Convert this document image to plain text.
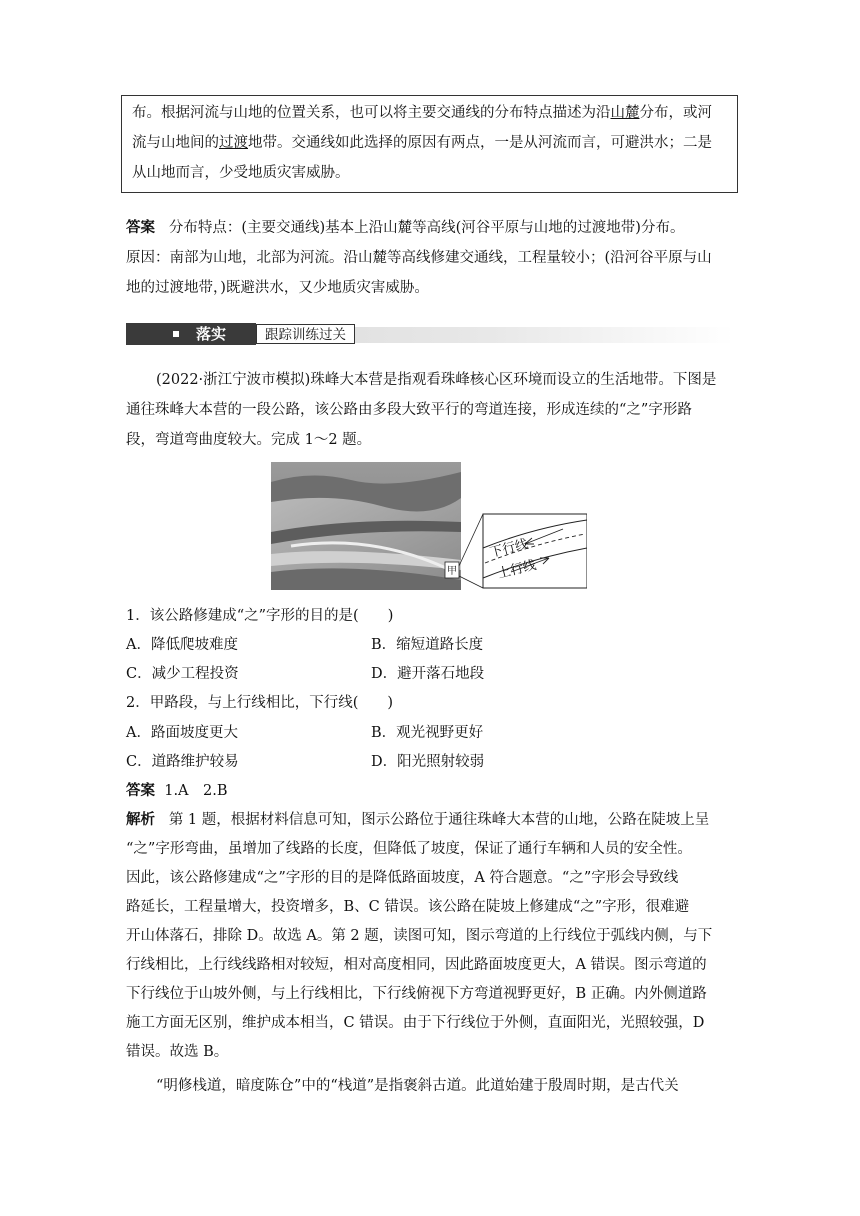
布。根据河流与山地的位置关系，也可以将主要交通线的分布特点描述为沿山麓分布，或河

流与山地间的过渡地带。交通线如此选择的原因有两点，一是从河流而言，可避洪水；二是

从山地而言，少受地质灾害威胁。

答案 分布特点：(主要交通线)基本上沿山麓等高线(河谷平原与山地的过渡地带)分布。

原因：南部为山地，北部为河流。沿山麓等高线修建交通线，工程量较小；(沿河谷平原与山

地的过渡地带，)既避洪水，又少地质灾害威胁。

落实	跟踪训练过关

(2022·浙江宁波市模拟)珠峰大本营是指观看珠峰核心区环境而设立的生活地带。下图是

通往珠峰大本营的一段公路，该公路由多段大致平行的弯道连接，形成连续的“之”字形路

段，弯道弯曲度较大。完成 1～2 题。

甲
下行线
上行线

1．该公路修建成“之”字形的目的是(　　)

A．降低爬坡难度	B．缩短道路长度

C．减少工程投资	D．避开落石地段

2．甲路段，与上行线相比，下行线(　　)

A．路面坡度更大	B．观光视野更好

C．道路维护较易	D．阳光照射较弱

答案 1.A　2.B

解析 第 1 题，根据材料信息可知，图示公路位于通往珠峰大本营的山地，公路在陡坡上呈

“之”字形弯曲，虽增加了线路的长度，但降低了坡度，保证了通行车辆和人员的安全性。

因此，该公路修建成“之”字形的目的是降低路面坡度，A 符合题意。“之”字形会导致线

路延长，工程量增大，投资增多，B、C 错误。该公路在陡坡上修建成“之”字形，很难避

开山体落石，排除 D。故选 A。第 2 题，读图可知，图示弯道的上行线位于弧线内侧，与下

行线相比，上行线线路相对较短，相对高度相同，因此路面坡度更大，A 错误。图示弯道的

下行线位于山坡外侧，与上行线相比，下行线俯视下方弯道视野更好，B 正确。内外侧道路

施工方面无区别，维护成本相当，C 错误。由于下行线位于外侧，直面阳光，光照较强，D

错误。故选 B。

“明修栈道，暗度陈仓”中的“栈道”是指褒斜古道。此道始建于殷周时期，是古代关
